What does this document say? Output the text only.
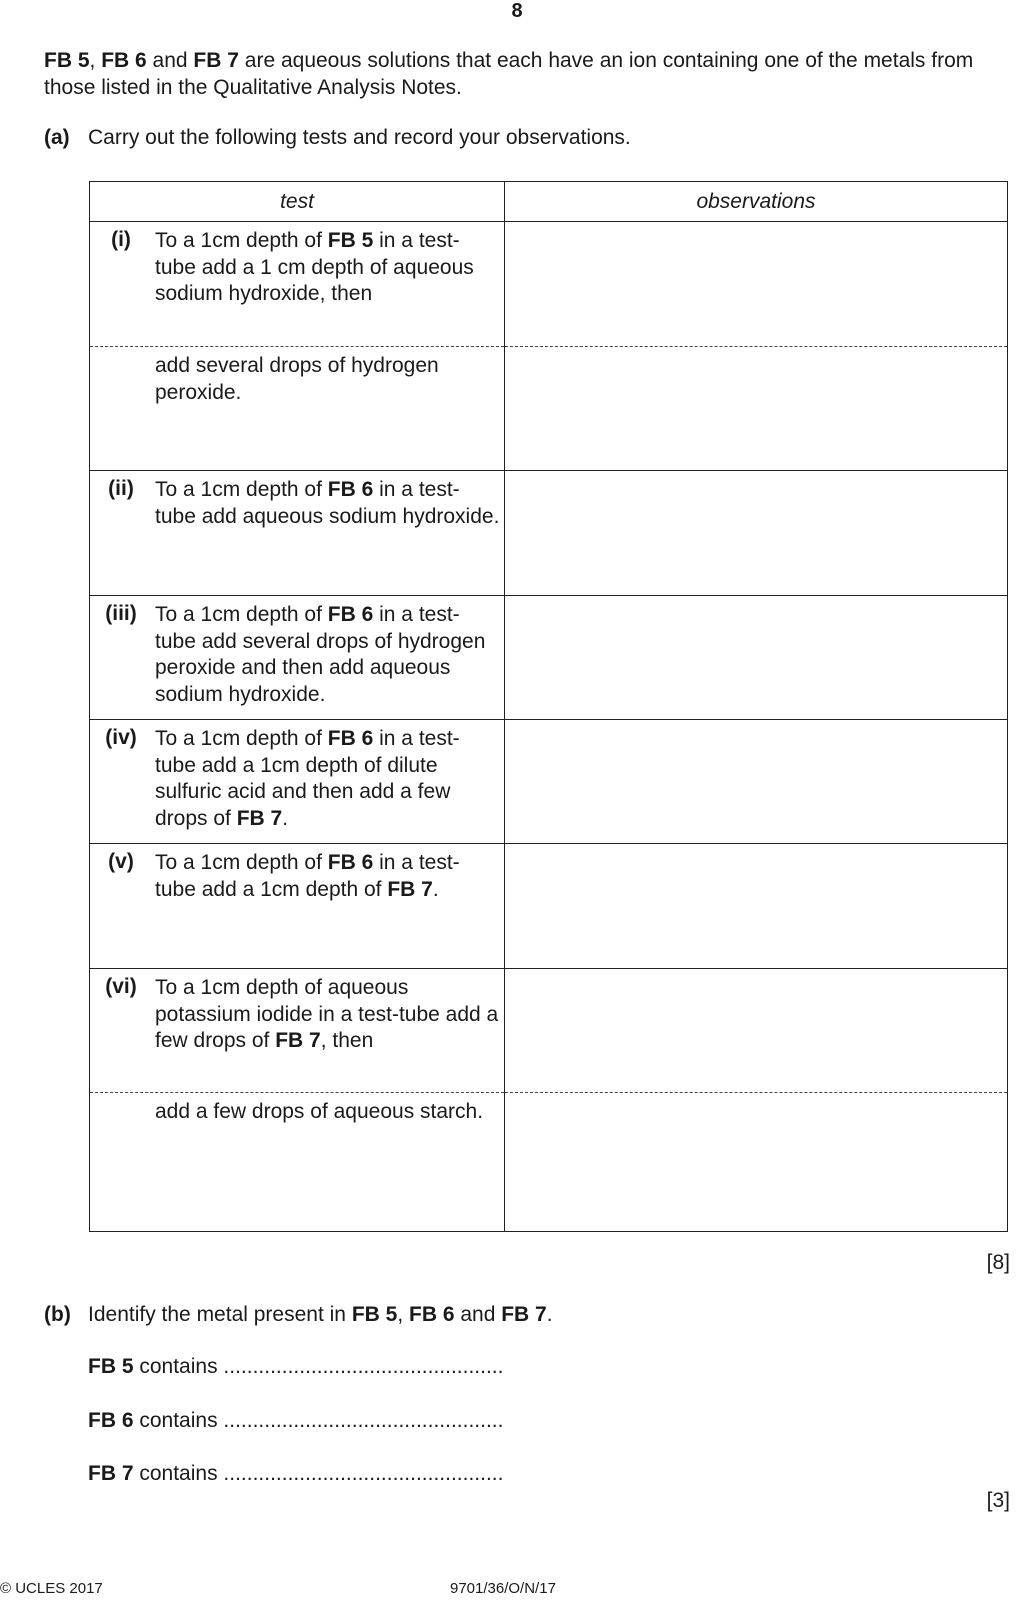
8
FB 5, FB 6 and FB 7 are aqueous solutions that each have an ion containing one of the metals from those listed in the Qualitative Analysis Notes.
(a) Carry out the following tests and record your observations.
test	observations

(i) To a 1cm depth of FB 5 in a test-tube add a 1 cm depth of aqueous sodium hydroxide, then	

add several drops of hydrogen peroxide.	

(ii) To a 1cm depth of FB 6 in a test-tube add aqueous sodium hydroxide.	

(iii) To a 1cm depth of FB 6 in a test-tube add several drops of hydrogen peroxide and then add aqueous sodium hydroxide.	

(iv) To a 1cm depth of FB 6 in a test-tube add a 1cm depth of dilute sulfuric acid and then add a few drops of FB 7.	

(v) To a 1cm depth of FB 6 in a test-tube add a 1cm depth of FB 7.	

(vi) To a 1cm depth of aqueous potassium iodide in a test-tube add a few drops of FB 7, then	

add a few drops of aqueous starch.	

[8]
(b) Identify the metal present in FB 5, FB 6 and FB 7.
FB 5 contains ................................................
FB 6 contains ................................................
FB 7 contains ................................................
[3]
© UCLES 2017	9701/36/O/N/17
